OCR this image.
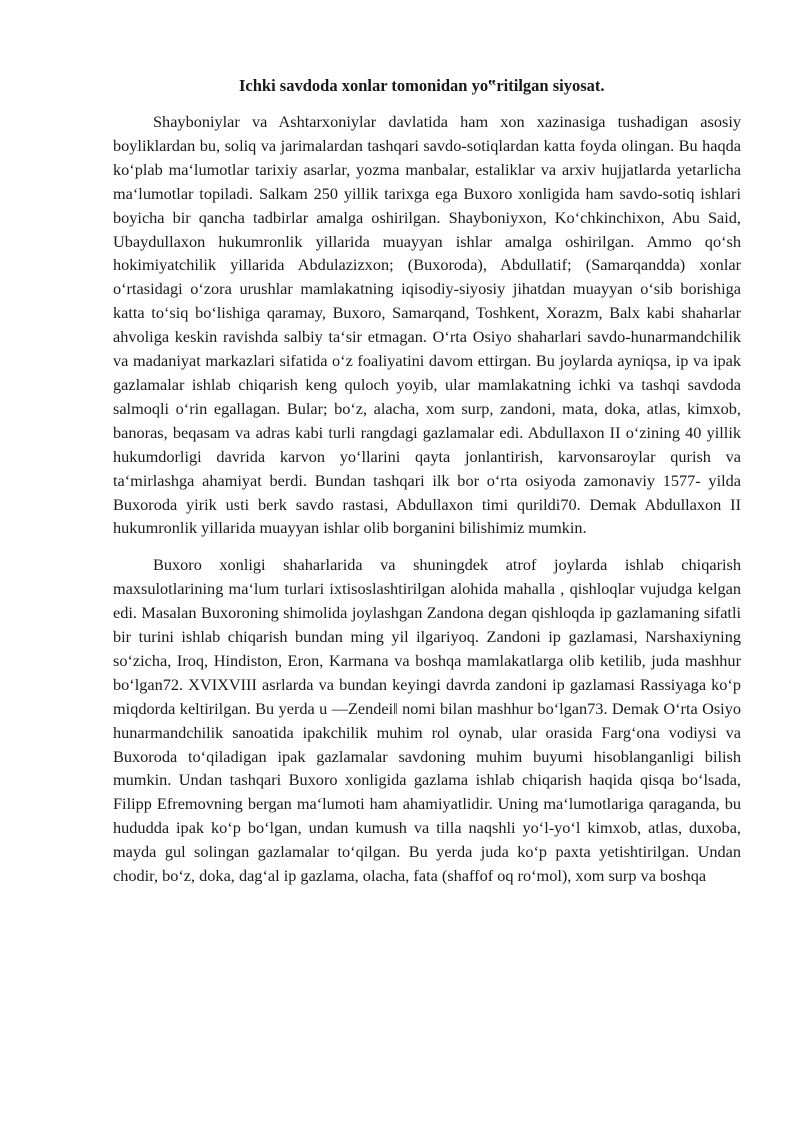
Ichki savdoda xonlar tomonidan yo‟ritilgan siyosat.

Shayboniylar va Ashtarxoniylar davlatida ham xon xazinasiga tushadigan asosiy boyliklardan bu, soliq va jarimalardan tashqari savdo-sotiqlardan katta foyda olingan. Bu haqda ko‘plab ma‘lumotlar tarixiy asarlar, yozma manbalar, estaliklar va arxiv hujjatlarda yetarlicha ma‘lumotlar topiladi. Salkam 250 yillik tarixga ega Buxoro xonligida ham savdo-sotiq ishlari boyicha bir qancha tadbirlar amalga oshirilgan. Shayboniyxon, Ko‘chkinchixon, Abu Said, Ubaydullaxon hukumronlik yillarida muayyan ishlar amalga oshirilgan. Ammo qo‘sh hokimiyatchilik yillarida Abdulazizxon; (Buxoroda), Abdullatif; (Samarqandda) xonlar o‘rtasidagi o‘zora urushlar mamlakatning iqisodiy-siyosiy jihatdan muayyan o‘sib borishiga katta to‘siq bo‘lishiga qaramay, Buxoro, Samarqand, Toshkent, Xorazm, Balx kabi shaharlar ahvoliga keskin ravishda salbiy ta‘sir etmagan. O‘rta Osiyo shaharlari savdo-hunarmandchilik va madaniyat markazlari sifatida o‘z foaliyatini davom ettirgan. Bu joylarda ayniqsa, ip va ipak gazlamalar ishlab chiqarish keng quloch yoyib, ular mamlakatning ichki va tashqi savdoda salmoqli o‘rin egallagan. Bular; bo‘z, alacha, xom surp, zandoni, mata, doka, atlas, kimxob, banoras, beqasam va adras kabi turli rangdagi gazlamalar edi. Abdullaxon II o‘zining 40 yillik hukumdorligi davrida karvon yo‘llarini qayta jonlantirish, karvonsaroylar qurish va ta‘mirlashga ahamiyat berdi. Bundan tashqari ilk bor o‘rta osiyoda zamonaviy 1577- yilda Buxoroda yirik usti berk savdo rastasi, Abdullaxon timi qurildi70. Demak Abdullaxon II hukumronlik yillarida muayyan ishlar olib borganini bilishimiz mumkin.

Buxoro xonligi shaharlarida va shuningdek atrof joylarda ishlab chiqarish maxsulotlarining ma‘lum turlari ixtisoslashtirilgan alohida mahalla , qishloqlar vujudga kelgan edi. Masalan Buxoroning shimolida joylashgan Zandona degan qishloqda ip gazlamaning sifatli bir turini ishlab chiqarish bundan ming yil ilgariyoq. Zandoni ip gazlamasi, Narshaxiyning so‘zicha, Iroq, Hindiston, Eron, Karmana va boshqa mamlakatlarga olib ketilib, juda mashhur bo‘lgan72. XVIXVIII asrlarda va bundan keyingi davrda zandoni ip gazlamasi Rassiyaga ko‘p miqdorda keltirilgan. Bu yerda u ―Zendei‖ nomi bilan mashhur bo‘lgan73. Demak O‘rta Osiyo hunarmandchilik sanoatida ipakchilik muhim rol oynab, ular orasida Farg‘ona vodiysi va Buxoroda to‘qiladigan ipak gazlamalar savdoning muhim buyumi hisoblanganligi bilish mumkin. Undan tashqari Buxoro xonligida gazlama ishlab chiqarish haqida qisqa bo‘lsada, Filipp Efremovning bergan ma‘lumoti ham ahamiyatlidir. Uning ma‘lumotlariga qaraganda, bu hududda ipak ko‘p bo‘lgan, undan kumush va tilla naqshli yo‘l-yo‘l kimxob, atlas, duxoba, mayda gul solingan gazlamalar to‘qilgan. Bu yerda juda ko‘p paxta yetishtirilgan. Undan chodir, bo‘z, doka, dag‘al ip gazlama, olacha, fata (shaffof oq ro‘mol), xom surp va boshqa
